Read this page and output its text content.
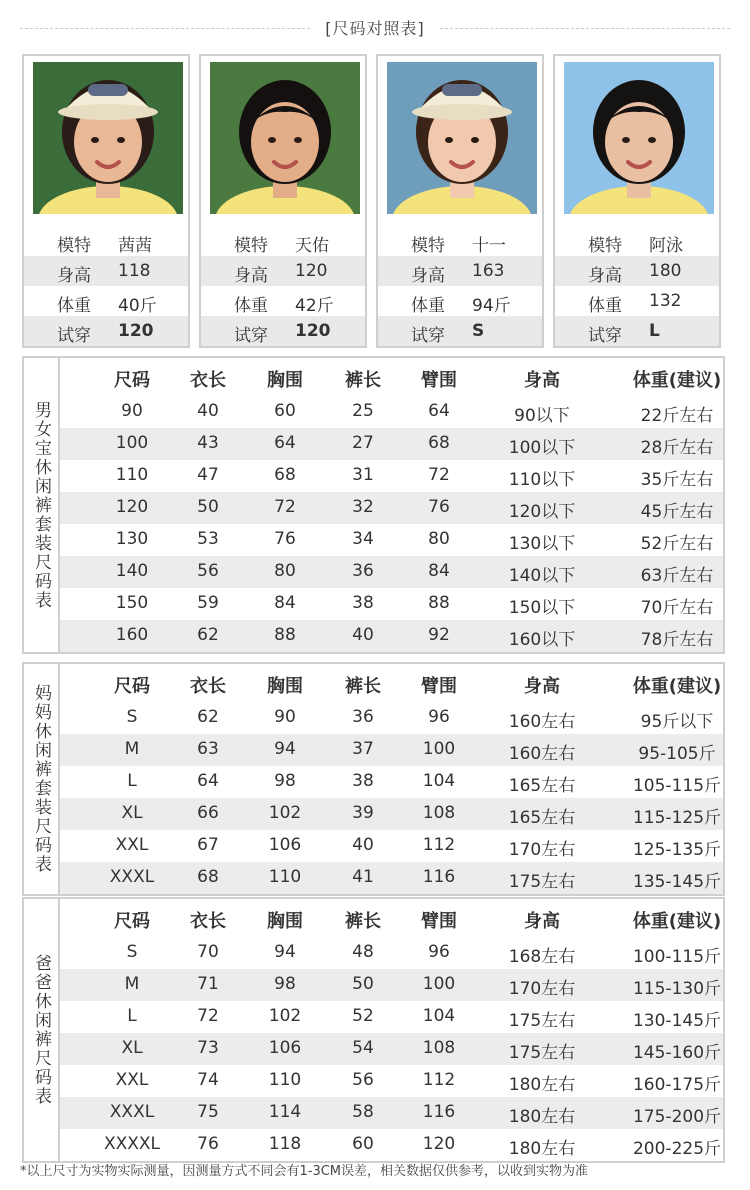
[尺码对照表]
模特 茜茜
身高 118
体重 40斤
试穿 120
模特 天佑
身高 120
体重 42斤
试穿 120
模特 十一
身高 163
体重 94斤
试穿 S
模特 阿泳
身高 180
体重 132
试穿 L
男女宝休闲裤套装尺码表
尺码	衣长	胸围	裤长	臂围	身高	体重(建议)
90	40	60	25	64	90以下	22斤左右
100	43	64	27	68	100以下	28斤左右
110	47	68	31	72	110以下	35斤左右
120	50	72	32	76	120以下	45斤左右
130	53	76	34	80	130以下	52斤左右
140	56	80	36	84	140以下	63斤左右
150	59	84	38	88	150以下	70斤左右
160	62	88	40	92	160以下	78斤左右
妈妈休闲裤套装尺码表	尺码	衣长	胸围	裤长	臂围	身高	体重(建议)
S	62	90	36	96	160左右	95斤以下
M	63	94	37	100	160左右	95-105斤
L	64	98	38	104	165左右	105-115斤
XL	66	102	39	108	165左右	115-125斤
XXL	67	106	40	112	170左右	125-135斤
XXXL	68	110	41	116	175左右	135-145斤
爸爸休闲裤尺码表
尺码	衣长	胸围	裤长	臂围	身高	体重(建议)
S	70	94	48	96	168左右	100-115斤
M	71	98	50	100	170左右	115-130斤
L	72	102	52	104	175左右	130-145斤
XL	73	106	54	108	175左右	145-160斤
XXL	74	110	56	112	180左右	160-175斤
XXXL	75	114	58	116	180左右	175-200斤
XXXXL	76	118	60	120	180左右	200-225斤
*以上尺寸为实物实际测量，因测量方式不同会有1-3CM误差，相关数据仅供参考，以收到实物为准
